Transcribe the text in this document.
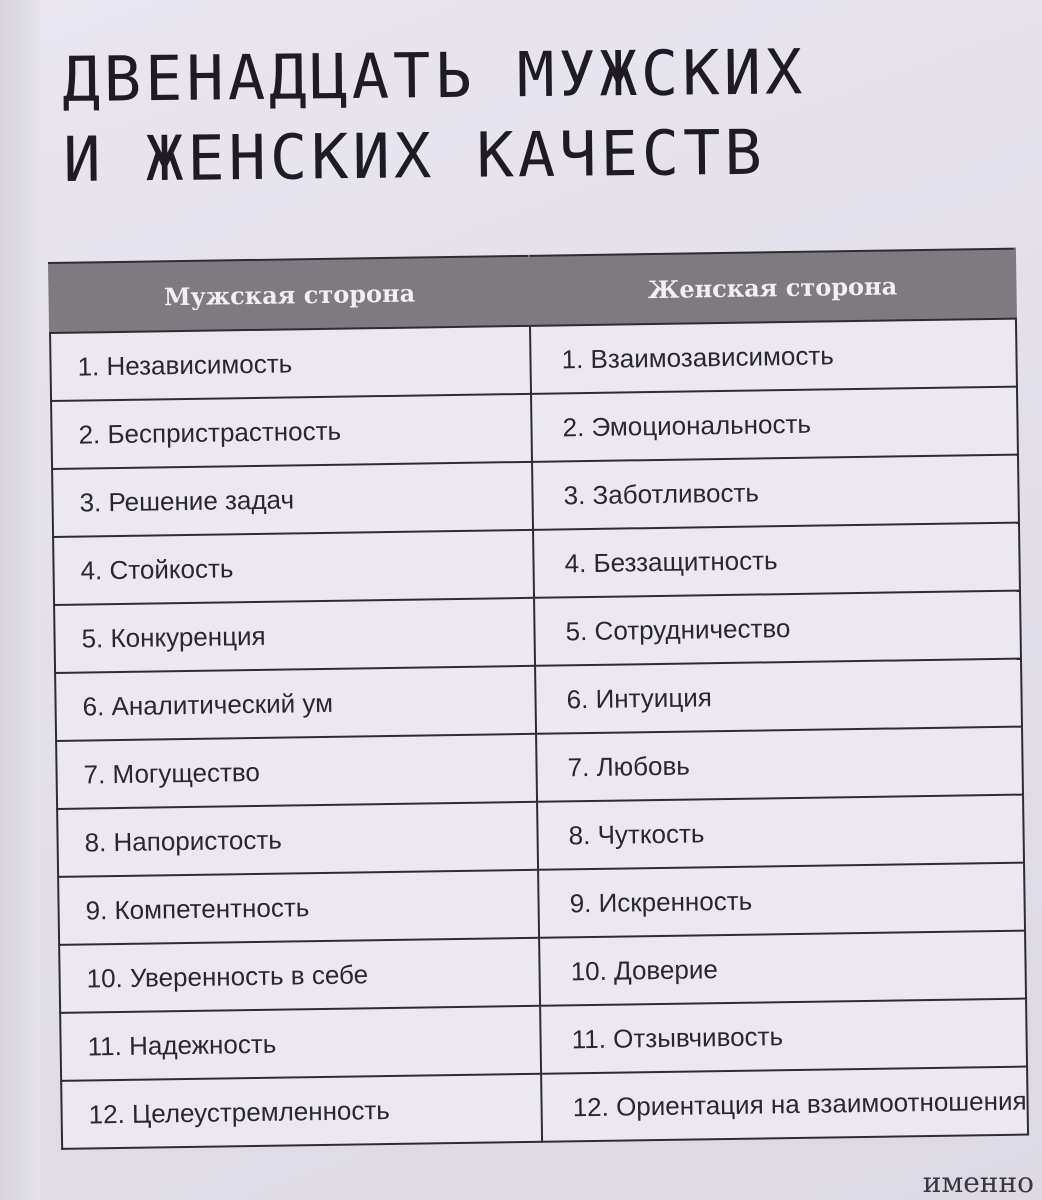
ДВЕНАДЦАТЬ МУЖСКИХ
И ЖЕНСКИХ КАЧЕСТВ
Мужская сторона	Женская сторона
1. Независимость	1. Взаимозависимость
2. Беспристрастность	2. Эмоциональность
3. Решение задач	3. Заботливость
4. Стойкость	4. Беззащитность
5. Конкуренция	5. Сотрудничество
6. Аналитический ум	6. Интуиция
7. Могущество	7. Любовь
8. Напористость	8. Чуткость
9. Компетентность	9. Искренность
10. Уверенность в себе	10. Доверие
11. Надежность	11. Отзывчивость
12. Целеустремленность	12. Ориентация на взаимоотношения
именно
